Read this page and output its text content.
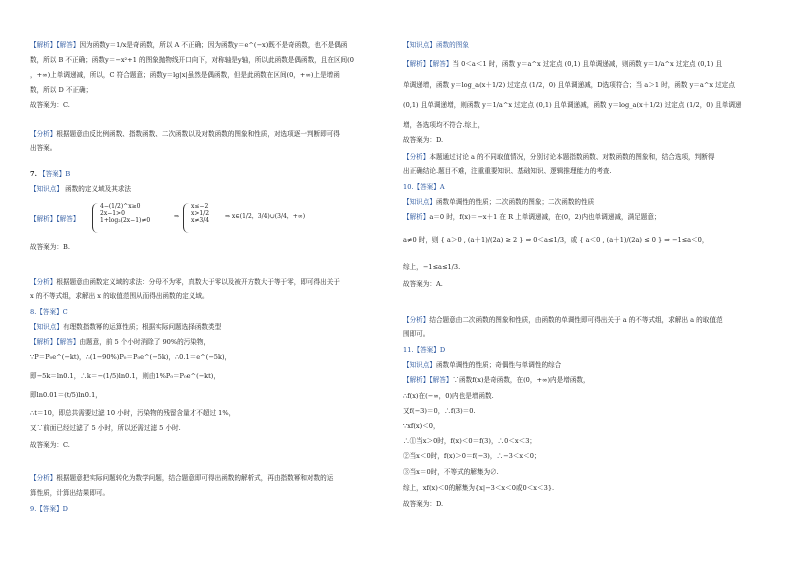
【解析】【解答】因为函数y＝1/x是奇函数，所以 A 不正确；因为函数y＝e^(−x)既不是奇函数，也不是偶函
数，所以 B 不正确；函数y＝−x²+1 的图象抛物线开口向下，对称轴是y轴，所以此函数是偶函数，且在区间(0
，+∞)上单调递减，所以，C 符合题意；函数y＝lg|x|虽然是偶函数，但是此函数在区间(0，+∞)上是增函
数，所以 D 不正确；
故答案为：C.
【分析】根据题意由反比例函数、指数函数、二次函数以及对数函数的图象和性质，对选项逐一判断即可得
出答案。
7. 【答案】B
【知识点】 函数的定义域及其求法
【解析】【解答】
4−(1/2)^x≥0
2x−1>0
1+log₂(2x−1)≠0
⇒
x≤−2
x>1/2
x≠3/4
⇒ x∈(1/2，3/4)∪(3/4，+∞)
故答案为：B.
【分析】根据题意由函数定义域的求法：分母不为零，真数大于零以及被开方数大于等于零，即可得出关于
x 的不等式组，求解出 x 的取值范围从而得出函数的定义域。
8.【答案】C
【知识点】有理数指数幂的运算性质；根据实际问题选择函数类型
【解析】【解答】由题意，前 5 个小时消除了 90%的污染物，
∵P＝P₀e^(−kt)，∴(1−90%)P₀＝P₀e^(−5k)，∴0.1＝e^(−5k)，
即−5k＝ln0.1，∴k＝−(1/5)ln0.1，则由1%P₀＝P₀e^(−kt)，
即ln0.01＝(t/5)ln0.1，
∴t＝10，即总共需要过滤 10 小时，污染物的残留含量才不超过 1%，
又∵前面已经过滤了 5 小时，所以还需过滤 5 小时.
故答案为：C.
【分析】根据题意把实际问题转化为数学问题，结合题意即可得出函数的解析式，再由指数幂和对数的运
算性质，计算出结果即可。
9.【答案】D
【知识点】函数的图象
【解析】【解答】当 0＜a＜1 时，函数 y＝a^x 过定点 (0,1) 且单调递减，则函数 y＝1/a^x 过定点 (0,1) 且
单调递增，函数 y＝log_a(x＋1/2) 过定点 (1/2，0) 且单调递减，D选项符合；当 a＞1 时，函数 y＝a^x 过定点
(0,1) 且单调递增，则函数 y＝1/a^x 过定点 (0,1) 且单调递减，函数 y＝log_a(x＋1/2) 过定点 (1/2，0) 且单调递
增，各选项均不符合.综上，
故答案为：D.
【分析】本题通过讨论 a 的不同取值情况，分别讨论本题指数函数、对数函数的图象和，结合选项，判断得
出正确结论.题目不难，注重重要知识、基础知识、逻辑推理能力的考查.
10.【答案】A
【知识点】函数单调性的性质；二次函数的图象；二次函数的性质
【解析】a＝0 时，f(x)＝−x＋1 在 R 上单调递减，在(0，2)内也单调递减，满足题意；
a≠0 时，则 { a＞0 , (a＋1)/(2a) ≥ 2 } ⇒ 0＜a≤1/3，或 { a＜0 , (a＋1)/(2a) ≤ 0 } ⇒ −1≤a＜0，
综上，−1≤a≤1/3.
故答案为：A.
【分析】结合题意由二次函数的图象和性质，由函数的单调性即可得出关于 a 的不等式组，求解出 a 的取值范
围即可。
11.【答案】D
【知识点】函数单调性的性质；奇偶性与单调性的综合
【解析】【解答】∵函数f(x)是奇函数，在(0，+∞)内是增函数，
∴f(x)在(−∞，0)内也是增函数.
又f(−3)＝0，∴f(3)＝0.
∵xf(x)＜0，
∴①当x＞0时，f(x)＜0＝f(3)，∴0＜x＜3；
②当x＜0时，f(x)＞0＝f(−3)，∴−3＜x＜0；
③当x＝0时，不等式的解集为∅.
综上，xf(x)＜0的解集为{x|−3＜x＜0或0＜x＜3}.
故答案为：D.
